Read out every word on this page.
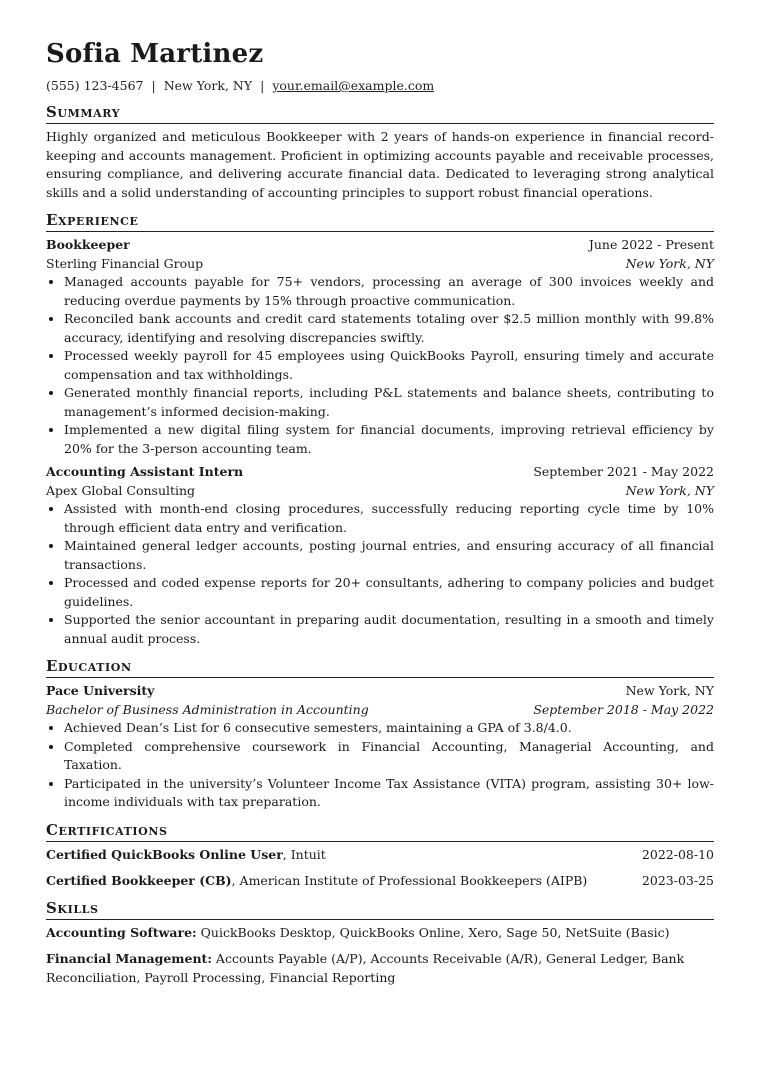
Sofia Martinez
(555) 123-4567 | New York, NY | your.email@example.com
Summary
Highly organized and meticulous Bookkeeper with 2 years of hands-on experience in financial record-keeping and accounts management. Proficient in optimizing accounts payable and receivable processes, ensuring compliance, and delivering accurate financial data. Dedicated to leveraging strong analytical skills and a solid understanding of accounting principles to support robust financial operations.
Experience
Bookkeeper	June 2022 - Present
Sterling Financial Group	New York, NY
• Managed accounts payable for 75+ vendors, processing an average of 300 invoices weekly and reducing overdue payments by 15% through proactive communication.
• Reconciled bank accounts and credit card statements totaling over $2.5 million monthly with 99.8% accuracy, identifying and resolving discrepancies swiftly.
• Processed weekly payroll for 45 employees using QuickBooks Payroll, ensuring timely and accurate compensation and tax withholdings.
• Generated monthly financial reports, including P&L statements and balance sheets, contributing to management’s informed decision-making.
• Implemented a new digital filing system for financial documents, improving retrieval efficiency by 20% for the 3-person accounting team.
Accounting Assistant Intern	September 2021 - May 2022
Apex Global Consulting	New York, NY
• Assisted with month-end closing procedures, successfully reducing reporting cycle time by 10% through efficient data entry and verification.
• Maintained general ledger accounts, posting journal entries, and ensuring accuracy of all financial transactions.
• Processed and coded expense reports for 20+ consultants, adhering to company policies and budget guidelines.
• Supported the senior accountant in preparing audit documentation, resulting in a smooth and timely annual audit process.
Education
Pace University	New York, NY
Bachelor of Business Administration in Accounting	September 2018 - May 2022
• Achieved Dean’s List for 6 consecutive semesters, maintaining a GPA of 3.8/4.0.
• Completed comprehensive coursework in Financial Accounting, Managerial Accounting, and Taxation.
• Participated in the university’s Volunteer Income Tax Assistance (VITA) program, assisting 30+ low-income individuals with tax preparation.
Certifications
Certified QuickBooks Online User, Intuit	2022-08-10
Certified Bookkeeper (CB), American Institute of Professional Bookkeepers (AIPB)	2023-03-25
Skills
Accounting Software: QuickBooks Desktop, QuickBooks Online, Xero, Sage 50, NetSuite (Basic)
Financial Management: Accounts Payable (A/P), Accounts Receivable (A/R), General Ledger, Bank Reconciliation, Payroll Processing, Financial Reporting
